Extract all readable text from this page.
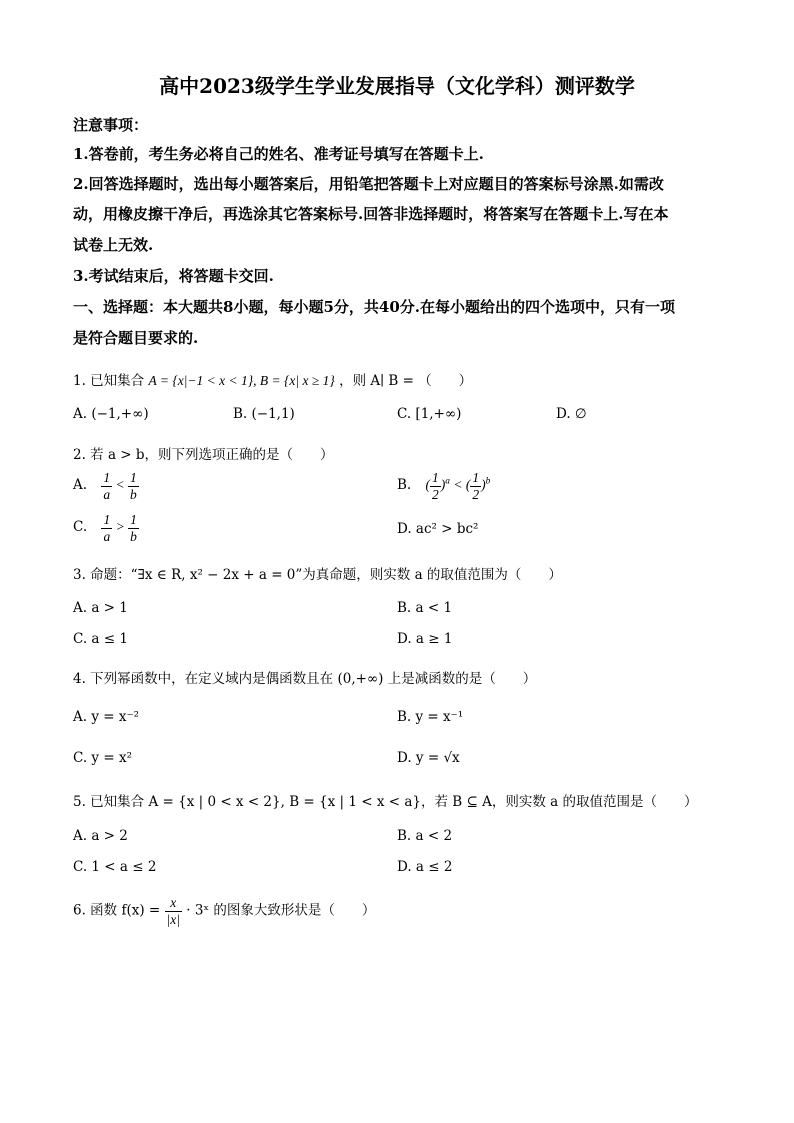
高中2023级学生学业发展指导（文化学科）测评数学
注意事项：
1.答卷前，考生务必将自己的姓名、准考证号填写在答题卡上.
2.回答选择题时，选出每小题答案后，用铅笔把答题卡上对应题目的答案标号涂黑.如需改
动，用橡皮擦干净后，再选涂其它答案标号.回答非选择题时，将答案写在答题卡上.写在本
试卷上无效.
3.考试结束后，将答题卡交回.
一、选择题：本大题共8小题，每小题5分，共40分.在每小题给出的四个选项中，只有一项
是符合题目要求的.
1. 已知集合 A = {x|−1 < x < 1}, B = {x| x ≥ 1} ，则 A∣ B = （　　）
A. (−1,+∞)	B. (−1,1)	C. [1,+∞)	D. ∅
2. 若 a > b，则下列选项正确的是（　　）
A. $\frac{1}{a} < \frac{1}{b}$	B. ( $\frac{1}{2} )^a$ < ( $\frac{1}{2} )^b$
C. $\frac{1}{a} > \frac{1}{b}$	D. ac² > bc²
3. 命题：“∃x ∈ R, x² − 2x + a = 0”为真命题，则实数 a 的取值范围为（　　）
A. a > 1	B. a < 1
C. a ≤ 1	D. a ≥ 1
4. 下列幂函数中，在定义域内是偶函数且在 (0,+∞) 上是减函数的是（　　）
A. y = x⁻²	B. y = x⁻¹
C. y = x²	D. y = √x
5. 已知集合 A = {x | 0 < x < 2}, B = {x | 1 < x < a}，若 B ⊆ A，则实数 a 的取值范围是（　　）
A. a > 2	B. a < 2
C. 1 < a ≤ 2	D. a ≤ 2
6. 函数 $f(x) = \frac{x}{|x|}$ · 3ˣ 的图象大致形状是（　　）
